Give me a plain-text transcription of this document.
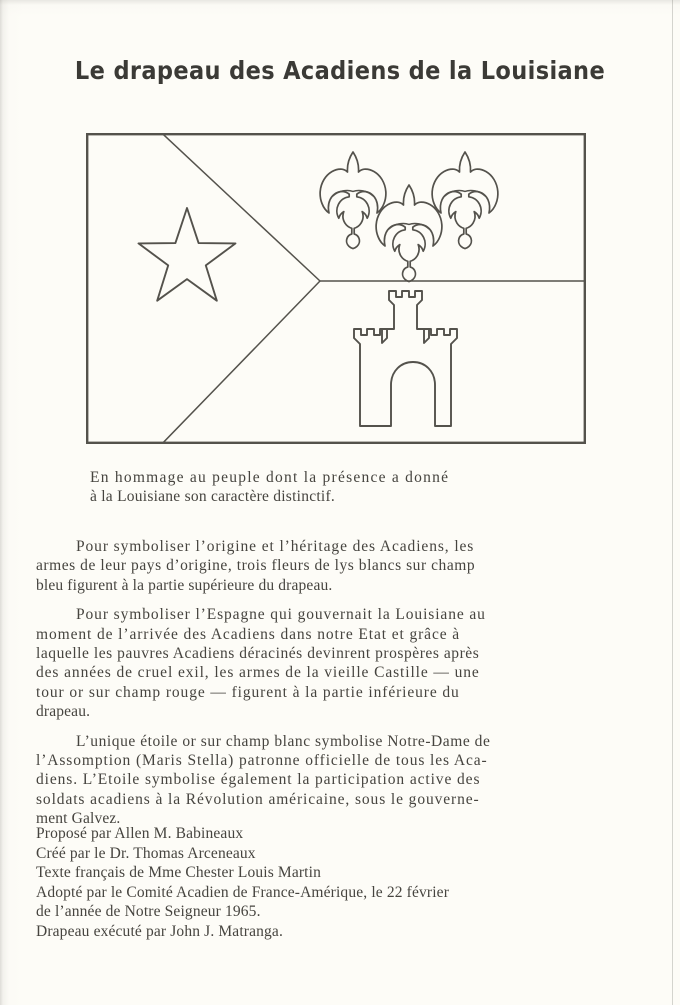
Le drapeau des Acadiens de la Louisiane
En hommage au peuple dont la présence a donné
à la Louisiane son caractère distinctif.

Pour symboliser l’origine et l’héritage des Acadiens, les
armes de leur pays d’origine, trois fleurs de lys blancs sur champ
bleu figurent à la partie supérieure du drapeau.

Pour symboliser l’Espagne qui gouvernait la Louisiane au
moment de l’arrivée des Acadiens dans notre Etat et grâce à
laquelle les pauvres Acadiens déracinés devinrent prospères après
des années de cruel exil, les armes de la vieille Castille — une
tour or sur champ rouge — figurent à la partie inférieure du
drapeau.

L’unique étoile or sur champ blanc symbolise Notre-Dame de
l’Assomption (Maris Stella) patronne officielle de tous les Aca-
diens. L’Etoile symbolise également la participation active des
soldats acadiens à la Révolution américaine, sous le gouverne-
ment Galvez.

Proposé par Allen M. Babineaux
Créé par le Dr. Thomas Arceneaux
Texte français de Mme Chester Louis Martin
Adopté par le Comité Acadien de France-Amérique, le 22 février
de l’année de Notre Seigneur 1965.
Drapeau exécuté par John J. Matranga.
